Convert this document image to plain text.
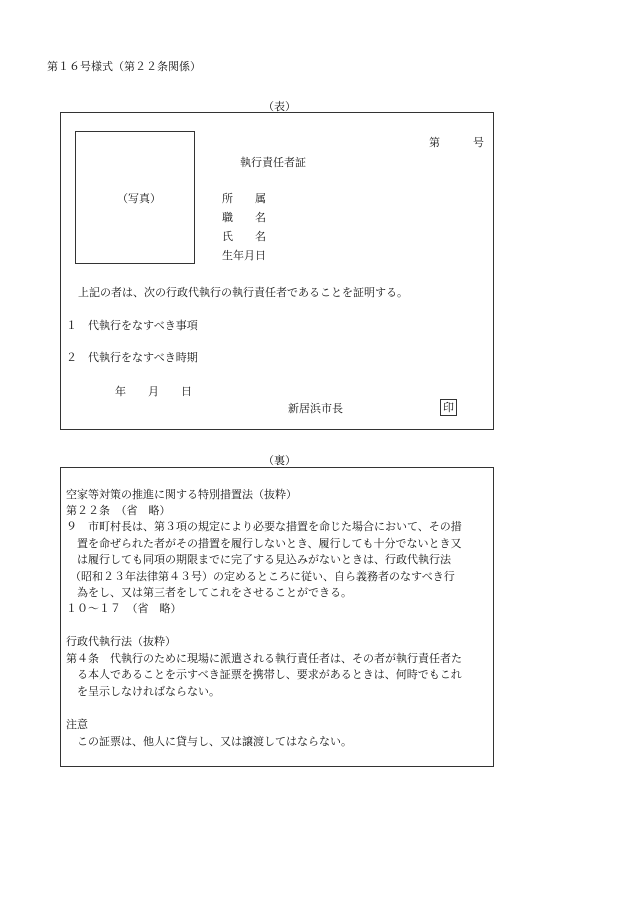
第１６号様式（第２２条関係）
（表）
第　　　号
（写真）
執行責任者証
所　　属
職　　名
氏　　名
生年月日
上記の者は、次の行政代執行の執行責任者であることを証明する。
１　代執行をなすべき事項
２　代執行をなすべき時期
年　　月　　日
新居浜市長	印
（裏）
空家等対策の推進に関する特別措置法（抜粋）
第２２条　（省　略）
９　市町村長は、第３項の規定により必要な措置を命じた場合において、その措
置を命ぜられた者がその措置を履行しないとき、履行しても十分でないとき又
は履行しても同項の期限までに完了する見込みがないときは、行政代執行法
（昭和２３年法律第４３号）の定めるところに従い、自ら義務者のなすべき行
為をし、又は第三者をしてこれをさせることができる。
１０～１７　（省　略）
行政代執行法（抜粋）
第４条　代執行のために現場に派遣される執行責任者は、その者が執行責任者た
る本人であることを示すべき証票を携帯し、要求があるときは、何時でもこれ
を呈示しなければならない。
注意
この証票は、他人に貸与し、又は譲渡してはならない。
